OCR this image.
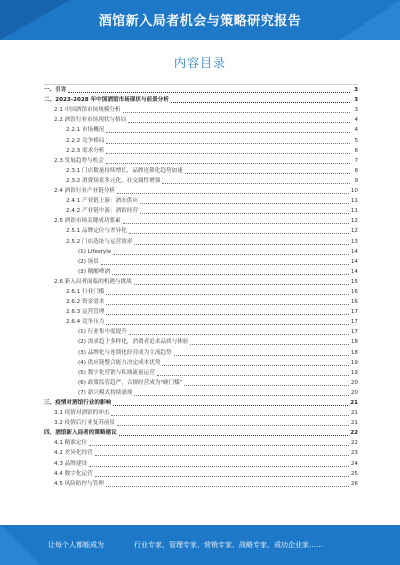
酒馆新入局者机会与策略研究报告
内容目录
一、引言	3
二、2023-2028 年中国酒馆市场现状与前景分析	3
2.1 中国酒馆市场规模分析	3
2.2 酒馆行业市场现状与格局	4
2.2.1 市场概况	4
2.2.2 竞争格局	5
2.2.3 需求分析	6
2.3 发展趋势与机会	7
2.3.1 门店数量持续增长，品牌连锁化趋势加速	8
2.3.2 消费场景多元化，社交属性增强	9
2.4 酒馆行业产业链分析	10
2.4.1 产业链上游：酒水供应	11
2.4.2 产业链中游：酒馆经营	11
2.5 酒馆市场关键成功要素	12
2.5.1 品牌定位与差异化	12
2.5.2 门店选址与运营效率	13
(1) Lifestyle	14
(2) 场景	14
(3) 精酿啤酒	14
2.6 新入局者面临的机遇与挑战	15
2.6.1 行业门槛	16
2.6.2 资金需求	16
2.6.3 运营管理	17
2.6.4 竞争压力	17
(1) 行业集中度提升	17
(2) 需求趋于多样化，消费者追求品质与体验	18
(3) 品牌化与连锁化经营成为主流趋势	18
(4) 供应链整合能力决定成本优势	19
(5) 数字化营销与私域流量运营	19
(6) 政策监管趋严，合规经营成为"硬门槛"	20
(7) 新兴模式持续涌现	20
三、疫情对酒馆行业的影响	21
3.1 疫情对酒馆的冲击	21
3.2 疫情后行业复苏前景	21
四、酒馆新入局者的策略建议	22
4.1 精准定位	22
4.2 差异化经营	23
4.3 品牌建设	24
4.4 数字化运营	25
4.5 风险防控与管理	26
让每个人都能成为	行业专家、管理专家、营销专家、战略专家、成功企业家……
